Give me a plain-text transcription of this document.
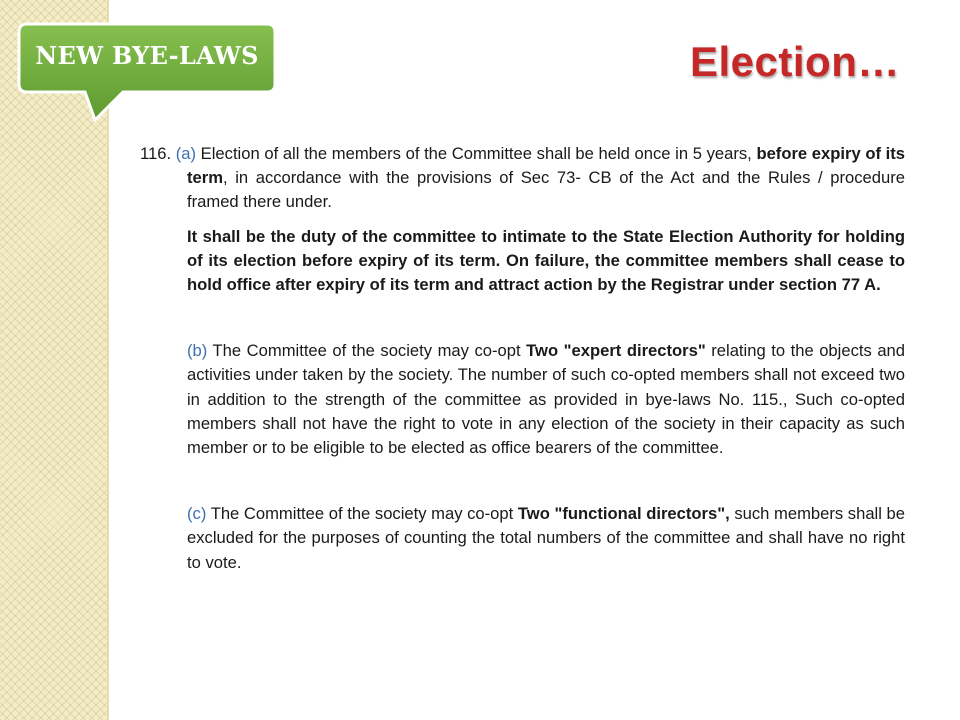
NEW BYE-LAWS	Election…

116. (a) Election of all the members of the Committee shall be held once in 5 years, before expiry of its term, in accordance with the provisions of Sec 73- CB of the Act and the Rules / procedure framed there under.

It shall be the duty of the committee to intimate to the State Election Authority for holding of its election before expiry of its term. On failure, the committee members shall cease to hold office after expiry of its term and attract action by the Registrar under section 77 A.

(b) The Committee of the society may co-opt Two "expert directors" relating to the objects and activities under taken by the society. The number of such co-opted members shall not exceed two in addition to the strength of the committee as provided in bye-laws No. 115., Such co-opted members shall not have the right to vote in any election of the society in their capacity as such member or to be eligible to be elected as office bearers of the committee.

(c) The Committee of the society may co-opt Two "functional directors", such members shall be excluded for the purposes of counting the total numbers of the committee and shall have no right to vote.
